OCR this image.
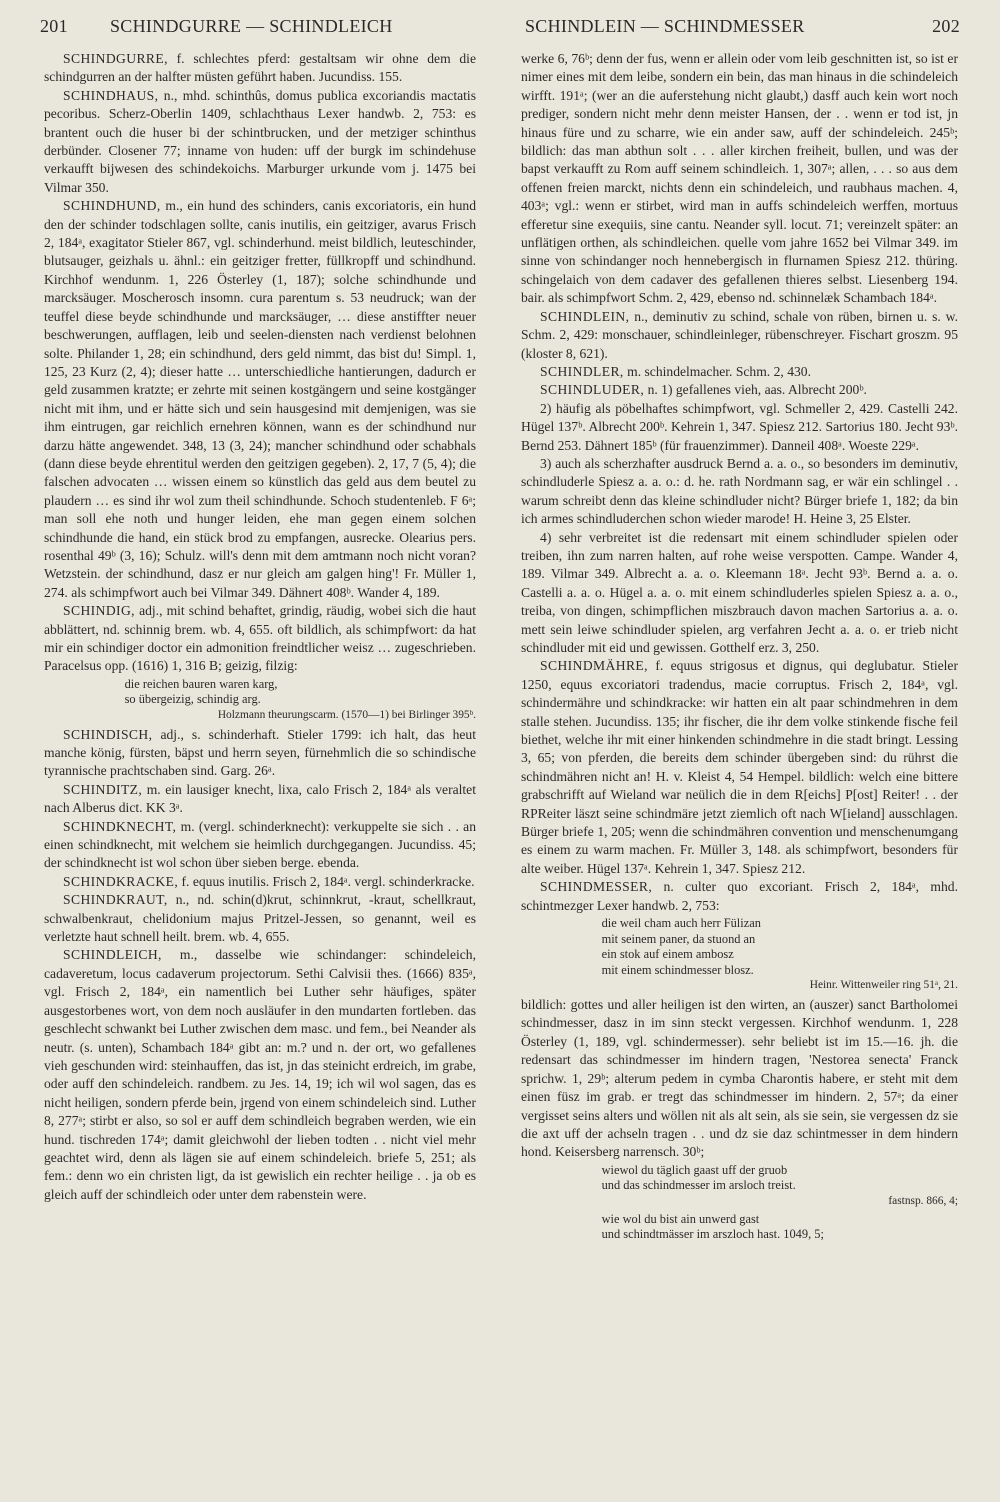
201 SCHINDGURRE — SCHINDLEICH	SCHINDLEIN — SCHINDMESSER	202

SCHINDGURRE, f. schlechtes pferd: gestaltsam wir ohne dem die schindgurren an der halfter müsten geführt haben. Jucundiss. 155.

SCHINDHAUS, n., mhd. schinthûs, domus publica excoriandis mactatis pecoribus. Scherz-Oberlin 1409, schlachthaus Lexer handwb. 2, 753: es brantent ouch die huser bi der schintbrucken, und der metziger schinthus derbünder. Closener 77; inname von huden: uff der burgk im schindehuse verkaufft bijwesen des schindekoichs. Marburger urkunde vom j. 1475 bei Vilmar 350.

SCHINDHUND, m., ein hund des schinders, canis excoriatoris, ein hund den der schinder todschlagen sollte, canis inutilis, ein geitziger, avarus Frisch 2, 184ᵃ, exagitator Stieler 867, vgl. schinderhund. meist bildlich, leuteschinder, blutsauger, geizhals u. ähnl.: ein geitziger fretter, füllkropff und schindhund. Kirchhof wendunm. 1, 226 Österley (1, 187); solche schindhunde und marcksäuger. Moscherosch insomn. cura parentum s. 53 neudruck; wan der teuffel diese beyde schindhunde und marcksäuger, … diese anstiffter neuer beschwerungen, aufflagen, leib und seelen-diensten nach verdienst belohnen solte. Philander 1, 28; ein schindhund, ders geld nimmt, das bist du! Simpl. 1, 125, 23 Kurz (2, 4); dieser hatte … unterschiedliche hantierungen, dadurch er geld zusammen kratzte; er zehrte mit seinen kostgängern und seine kostgänger nicht mit ihm, und er hätte sich und sein hausgesind mit demjenigen, was sie ihm eintrugen, gar reichlich ernehren können, wann es der schindhund nur darzu hätte angewendet. 348, 13 (3, 24); mancher schindhund oder schabhals (dann diese beyde ehrentitul werden den geitzigen gegeben). 2, 17, 7 (5, 4); die falschen advocaten … wissen einem so künstlich das geld aus dem beutel zu plaudern … es sind ihr wol zum theil schindhunde. Schoch studentenleb. F 6ᵃ; man soll ehe noth und hunger leiden, ehe man gegen einem solchen schindhunde die hand, ein stück brod zu empfangen, ausrecke. Olearius pers. rosenthal 49ᵇ (3, 16); Schulz. will's denn mit dem amtmann noch nicht voran? Wetzstein. der schindhund, dasz er nur gleich am galgen hing'! Fr. Müller 1, 274. als schimpfwort auch bei Vilmar 349. Dähnert 408ᵇ. Wander 4, 189.

SCHINDIG, adj., mit schind behaftet, grindig, räudig, wobei sich die haut abblättert, nd. schinnig brem. wb. 4, 655. oft bildlich, als schimpfwort: da hat mir ein schindiger doctor ein admonition freindtlicher weisz … zugeschrieben. Paracelsus opp. (1616) 1, 316 B; geizig, filzig:

die reichen bauren waren karg,
so übergeizig, schindig arg.
Holzmann theurungscarm. (1570—1) bei Birlinger 395ᵇ.

SCHINDISCH, adj., s. schinderhaft. Stieler 1799: ich halt, das heut manche könig, fürsten, bäpst und herrn seyen, fürnehmlich die so schindische tyrannische prachtschaben sind. Garg. 26ᵃ.

SCHINDITZ, m. ein lausiger knecht, lixa, calo Frisch 2, 184ᵃ als veraltet nach Alberus dict. KK 3ᵃ.

SCHINDKNECHT, m. (vergl. schinderknecht): verkuppelte sie sich . . an einen schindknecht, mit welchem sie heimlich durchgegangen. Jucundiss. 45; der schindknecht ist wol schon über sieben berge. ebenda.

SCHINDKRACKE, f. equus inutilis. Frisch 2, 184ᵃ. vergl. schinderkracke.

SCHINDKRAUT, n., nd. schin(d)krut, schinnkrut, -kraut, schellkraut, schwalbenkraut, chelidonium majus Pritzel-Jessen, so genannt, weil es verletzte haut schnell heilt. brem. wb. 4, 655.

SCHINDLEICH, m., dasselbe wie schindanger: schindeleich, cadaveretum, locus cadaverum projectorum. Sethi Calvisii thes. (1666) 835ᵃ, vgl. Frisch 2, 184ᵃ, ein namentlich bei Luther sehr häufiges, später ausgestorbenes wort, von dem noch ausläufer in den mundarten fortleben. das geschlecht schwankt bei Luther zwischen dem masc. und fem., bei Neander als neutr. (s. unten), Schambach 184ᵃ gibt an: m.? und n. der ort, wo gefallenes vieh geschunden wird: steinhauffen, das ist, jn das steinicht erdreich, im grabe, oder auff den schindeleich. randbem. zu Jes. 14, 19; ich wil wol sagen, das es nicht heiligen, sondern pferde bein, jrgend von einem schindeleich sind. Luther 8, 277ᵃ; stirbt er also, so sol er auff dem schindleich begraben werden, wie ein hund. tischreden 174ᵃ; damit gleichwohl der lieben todten . . nicht viel mehr geachtet wird, denn als lägen sie auf einem schindeleich. briefe 5, 251; als fem.: denn wo ein christen ligt, da ist gewislich ein rechter heilige . . ja ob es gleich auff der schindleich oder unter dem rabenstein were.

werke 6, 76ᵇ; denn der fus, wenn er allein oder vom leib geschnitten ist, so ist er nimer eines mit dem leibe, sondern ein bein, das man hinaus in die schindeleich wirfft. 191ᵃ; (wer an die auferstehung nicht glaubt,) dasff auch kein wort noch prediger, sondern nicht mehr denn meister Hansen, der . . wenn er tod ist, jn hinaus füre und zu scharre, wie ein ander saw, auff der schindeleich. 245ᵇ; bildlich: das man abthun solt . . . aller kirchen freiheit, bullen, und was der bapst verkaufft zu Rom auff seinem schindleich. 1, 307ᵃ; allen, . . . so aus dem offenen freien marckt, nichts denn ein schindeleich, und raubhaus machen. 4, 403ᵃ; vgl.: wenn er stirbet, wird man in auffs schindeleich werffen, mortuus efferetur sine exequiis, sine cantu. Neander syll. locut. 71; vereinzelt später: an unflätigen orthen, als schindleichen. quelle vom jahre 1652 bei Vilmar 349. im sinne von schindanger noch hennebergisch in flurnamen Spiesz 212. thüring. schingelaich von dem cadaver des gefallenen thieres selbst. Liesenberg 194. bair. als schimpfwort Schm. 2, 429, ebenso nd. schinnelæk Schambach 184ᵃ.

SCHINDLEIN, n., deminutiv zu schind, schale von rüben, birnen u. s. w. Schm. 2, 429: monschauer, schindleinleger, rübenschreyer. Fischart groszm. 95 (kloster 8, 621).

SCHINDLER, m. schindelmacher. Schm. 2, 430.

SCHINDLUDER, n. 1) gefallenes vieh, aas. Albrecht 200ᵇ.

2) häufig als pöbelhaftes schimpfwort, vgl. Schmeller 2, 429. Castelli 242. Hügel 137ᵇ. Albrecht 200ᵇ. Kehrein 1, 347. Spiesz 212. Sartorius 180. Jecht 93ᵇ. Bernd 253. Dähnert 185ᵇ (für frauenzimmer). Danneil 408ᵃ. Woeste 229ᵃ.

3) auch als scherzhafter ausdruck Bernd a. a. o., so besonders im deminutiv, schindluderle Spiesz a. a. o.: d. he. rath Nordmann sag, er wär ein schlingel . . warum schreibt denn das kleine schindluder nicht? Bürger briefe 1, 182; da bin ich armes schindluderchen schon wieder marode! H. Heine 3, 25 Elster.

4) sehr verbreitet ist die redensart mit einem schindluder spielen oder treiben, ihn zum narren halten, auf rohe weise verspotten. Campe. Wander 4, 189. Vilmar 349. Albrecht a. a. o. Kleemann 18ᵃ. Jecht 93ᵇ. Bernd a. a. o. Castelli a. a. o. Hügel a. a. o. mit einem schindluderles spielen Spiesz a. a. o., treiba, von dingen, schimpflichen miszbrauch davon machen Sartorius a. a. o. mett sein leiwe schindluder spielen, arg verfahren Jecht a. a. o. er trieb nicht schindluder mit eid und gewissen. Gotthelf erz. 3, 250.

SCHINDMÄHRE, f. equus strigosus et dignus, qui deglubatur. Stieler 1250, equus excoriatori tradendus, macie corruptus. Frisch 2, 184ᵃ, vgl. schindermähre und schindkracke: wir hatten ein alt paar schindmehren in dem stalle stehen. Jucundiss. 135; ihr fischer, die ihr dem volke stinkende fische feil biethet, welche ihr mit einer hinkenden schindmehre in die stadt bringt. Lessing 3, 65; von pferden, die bereits dem schinder übergeben sind: du rührst die schindmähren nicht an! H. v. Kleist 4, 54 Hempel. bildlich: welch eine bittere grabschrifft auf Wieland war neülich die in dem R[eichs] P[ost] Reiter! . . der RPReiter läszt seine schindmäre jetzt ziemlich oft nach W[ieland] ausschlagen. Bürger briefe 1, 205; wenn die schindmähren convention und menschenumgang es einem zu warm machen. Fr. Müller 3, 148. als schimpfwort, besonders für alte weiber. Hügel 137ᵃ. Kehrein 1, 347. Spiesz 212.

SCHINDMESSER, n. culter quo excoriant. Frisch 2, 184ᵃ, mhd. schintmezger Lexer handwb. 2, 753:

die weil cham auch herr Fülizan
mit seinem paner, da stuond an
ein stok auf einem ambosz
mit einem schindmesser blosz.
Heinr. Wittenweiler ring 51ᵃ, 21.

bildlich: gottes und aller heiligen ist den wirten, an (auszer) sanct Bartholomei schindmesser, dasz in im sinn steckt vergessen. Kirchhof wendunm. 1, 228 Österley (1, 189, vgl. schindermesser). sehr beliebt ist im 15.—16. jh. die redensart das schindmesser im hindern tragen, 'Nestorea senecta' Franck sprichw. 1, 29ᵇ; alterum pedem in cymba Charontis habere, er steht mit dem einen füsz im grab. er tregt das schindmesser im hindern. 2, 57ᵃ; da einer vergisset seins alters und wöllen nit als alt sein, als sie sein, sie vergessen dz sie die axt uff der achseln tragen . . und dz sie daz schintmesser in dem hindern hond. Keisersberg narrensch. 30ᵇ;

wiewol du täglich gaast uff der gruob
und das schindmesser im arsloch treist.
fastnsp. 866, 4;
wie wol du bist ain unwerd gast
und schindtmässer im arszloch hast. 1049, 5;
